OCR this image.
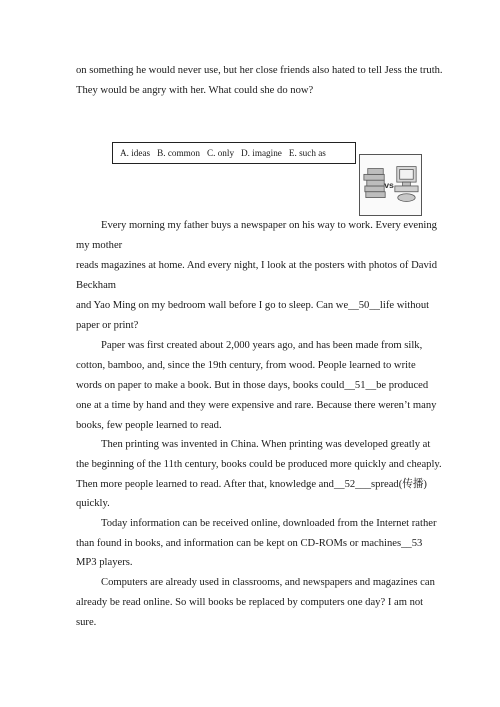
on something he would never use, but her close friends also hated to tell Jess the truth.
They would be angry with her. What could she do now?
A. ideas B. common C. only D. imagine E. such as
vs
Every morning my father buys a newspaper on his way to work. Every evening
my mother
reads magazines at home. And every night, I look at the posters with photos of David
Beckham
and Yao Ming on my bedroom wall before I go to sleep. Can we__50__life without
paper or print?
Paper was first created about 2,000 years ago, and has been made from silk,
cotton, bamboo, and, since the 19th century, from wood. People learned to write
words on paper to make a book. But in those days, books could__51__be produced
one at a time by hand and they were expensive and rare. Because there weren’t many
books, few people learned to read.
Then printing was invented in China. When printing was developed greatly at
the beginning of the 11th century, books could be produced more quickly and cheaply.
Then more people learned to read. After that, knowledge and__52___spread(传播)
quickly.
Today information can be received online, downloaded from the Internet rather
than found in books, and information can be kept on CD-ROMs or machines__53
MP3 players.
Computers are already used in classrooms, and newspapers and magazines can
already be read online. So will books be replaced by computers one day? I am not
sure.
